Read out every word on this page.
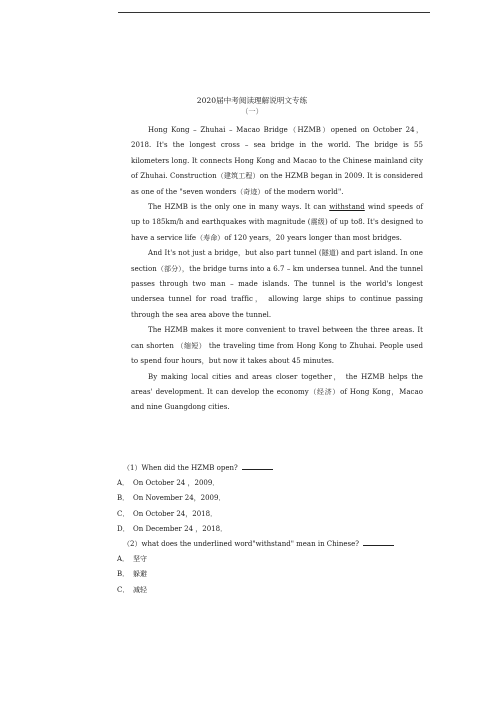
2020届中考阅读理解说明文专练
（一）

Hong Kong – Zhuhai – Macao Bridge（HZMB）opened on October 24，2018. It's the longest cross – sea bridge in the world. The bridge is 55 kilometers long. It connects Hong Kong and Macao to the Chinese mainland city of Zhuhai. Construction（建筑工程）on the HZMB began in 2009. It is considered as one of the "seven wonders（奇迹）of the modern world".

The HZMB is the only one in many ways. It can withstand wind speeds of up to 185km/h and earthquakes with magnitude (震级) of up to8. It's designed to have a service life（寿命）of 120 years，20 years longer than most bridges.

And It's not just a bridge，but also part tunnel (隧道) and part island. In one section（部分），the bridge turns into a 6.7 – km undersea tunnel. And the tunnel passes through two man – made islands. The tunnel is the world's longest undersea tunnel for road traffic， allowing large ships to continue passing through the sea area above the tunnel.

The HZMB makes it more convenient to travel between the three areas. It can shorten （缩短） the traveling time from Hong Kong to Zhuhai. People used to spend four hours，but now it takes about 45 minutes.

By making local cities and areas closer together， the HZMB helps the areas' development. It can develop the economy（经济）of Hong Kong，Macao and nine Guangdong cities.

（1）When did the HZMB open?
A． On October 24 ，2009．
B． On November 24，2009．
C． On October 24，2018．
D． On December 24 ，2018．
（2）what does the underlined word"withstand" mean in Chinese?
A． 坚守
B． 躲避
C． 减轻
